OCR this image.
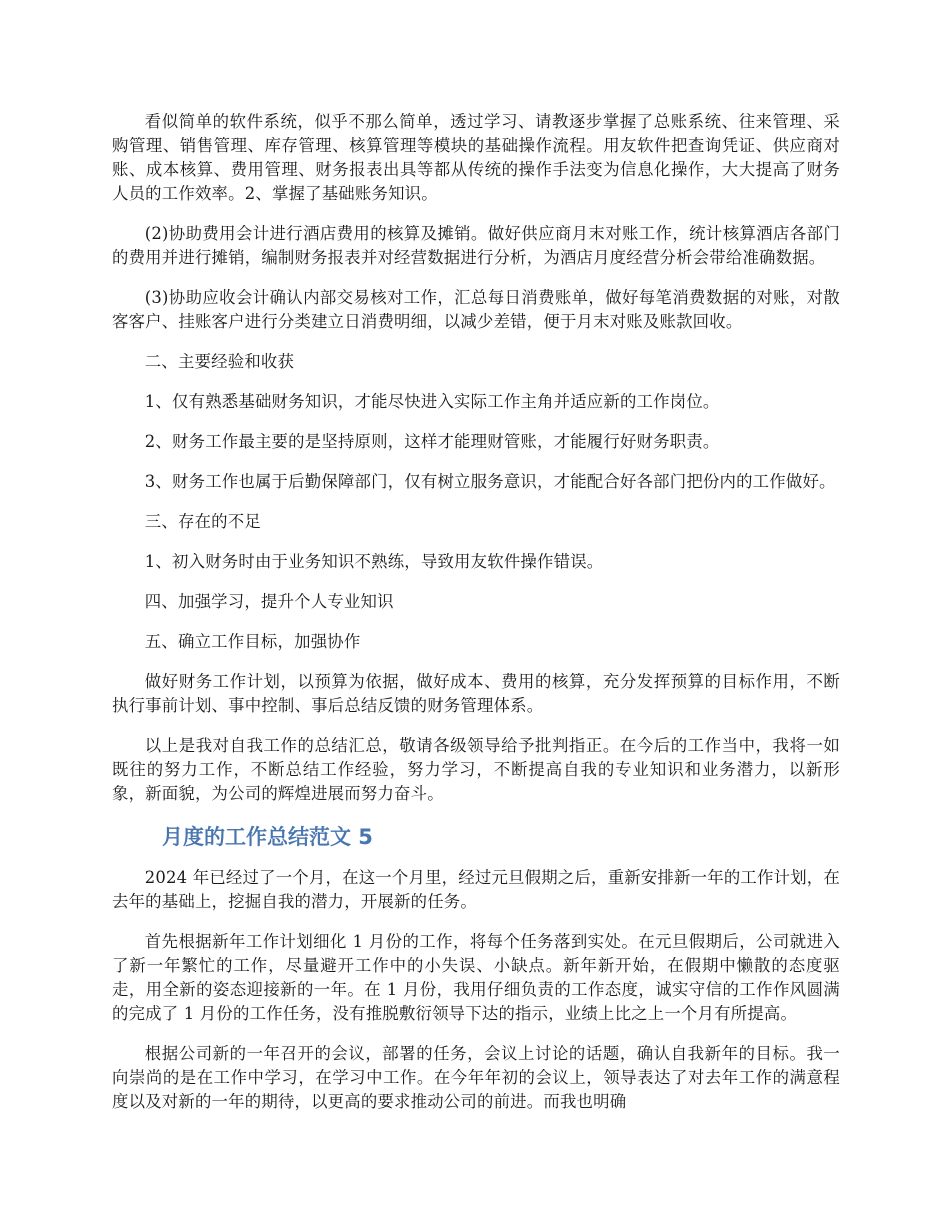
看似简单的软件系统，似乎不那么简单，透过学习、请教逐步掌握了总账系统、往来管理、采购管理、销售管理、库存管理、核算管理等模块的基础操作流程。用友软件把查询凭证、供应商对账、成本核算、费用管理、财务报表出具等都从传统的操作手法变为信息化操作，大大提高了财务人员的工作效率。2、掌握了基础账务知识。

(2)协助费用会计进行酒店费用的核算及摊销。做好供应商月末对账工作，统计核算酒店各部门的费用并进行摊销，编制财务报表并对经营数据进行分析，为酒店月度经营分析会带给准确数据。

(3)协助应收会计确认内部交易核对工作，汇总每日消费账单，做好每笔消费数据的对账，对散客客户、挂账客户进行分类建立日消费明细，以减少差错，便于月末对账及账款回收。

二、主要经验和收获

1、仅有熟悉基础财务知识，才能尽快进入实际工作主角并适应新的工作岗位。

2、财务工作最主要的是坚持原则，这样才能理财管账，才能履行好财务职责。

3、财务工作也属于后勤保障部门，仅有树立服务意识，才能配合好各部门把份内的工作做好。

三、存在的不足

1、初入财务时由于业务知识不熟练，导致用友软件操作错误。

四、加强学习，提升个人专业知识

五、确立工作目标，加强协作

做好财务工作计划，以预算为依据，做好成本、费用的核算，充分发挥预算的目标作用，不断执行事前计划、事中控制、事后总结反馈的财务管理体系。

以上是我对自我工作的总结汇总，敬请各级领导给予批判指正。在今后的工作当中，我将一如既往的努力工作，不断总结工作经验，努力学习，不断提高自我的专业知识和业务潜力，以新形象，新面貌，为公司的辉煌进展而努力奋斗。

月度的工作总结范文 5

2024 年已经过了一个月，在这一个月里，经过元旦假期之后，重新安排新一年的工作计划，在去年的基础上，挖掘自我的潜力，开展新的任务。

首先根据新年工作计划细化 1 月份的工作，将每个任务落到实处。在元旦假期后，公司就进入了新一年繁忙的工作，尽量避开工作中的小失误、小缺点。新年新开始，在假期中懒散的态度驱走，用全新的姿态迎接新的一年。在 1 月份，我用仔细负责的工作态度，诚实守信的工作作风圆满的完成了 1 月份的工作任务，没有推脱敷衍领导下达的指示，业绩上比之上一个月有所提高。

根据公司新的一年召开的会议，部署的任务，会议上讨论的话题，确认自我新年的目标。我一向崇尚的是在工作中学习，在学习中工作。在今年年初的会议上，领导表达了对去年工作的满意程度以及对新的一年的期待，以更高的要求推动公司的前进。而我也明确
